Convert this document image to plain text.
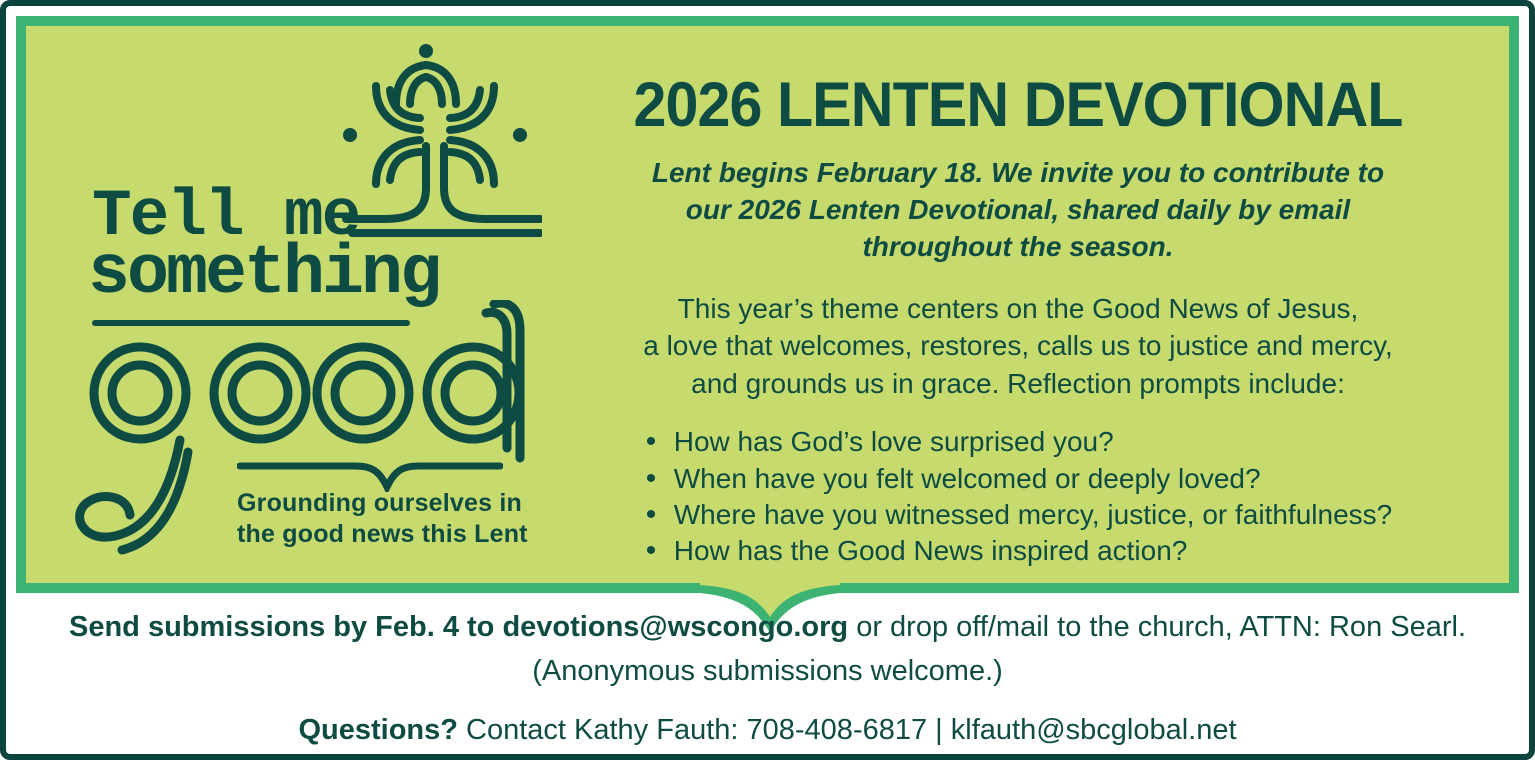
Tell me
something
Grounding ourselves in
the good news this Lent
2026 LENTEN DEVOTIONAL
Lent begins February 18. We invite you to contribute to
our 2026 Lenten Devotional, shared daily by email
throughout the season.
This year’s theme centers on the Good News of Jesus,
a love that welcomes, restores, calls us to justice and mercy,
and grounds us in grace. Reflection prompts include:
• How has God’s love surprised you?
• When have you felt welcomed or deeply loved?
• Where have you witnessed mercy, justice, or faithfulness?
• How has the Good News inspired action?
Send submissions by Feb. 4 to devotions@wscongo.org or drop off/mail to the church, ATTN: Ron Searl.
(Anonymous submissions welcome.)
Questions? Contact Kathy Fauth: 708-408-6817 | klfauth@sbcglobal.net
